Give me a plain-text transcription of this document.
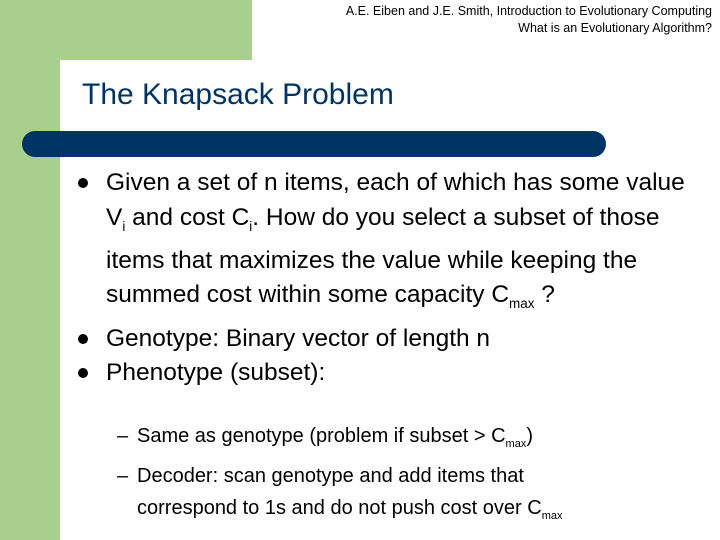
A.E. Eiben and J.E. Smith, Introduction to Evolutionary Computing
What is an Evolutionary Algorithm?
The Knapsack Problem
Given a set of n items, each of which has some value $V_i$ and cost $C_i$. How do you select a subset of those items that maximizes the value while keeping the summed cost within some capacity $C_{max}$ ?
Genotype: Binary vector of length n
Phenotype (subset):
– Same as genotype (problem if subset > $C_{max}$)
– Decoder: scan genotype and add items that
correspond to 1s and do not push cost over $C_{max}$
